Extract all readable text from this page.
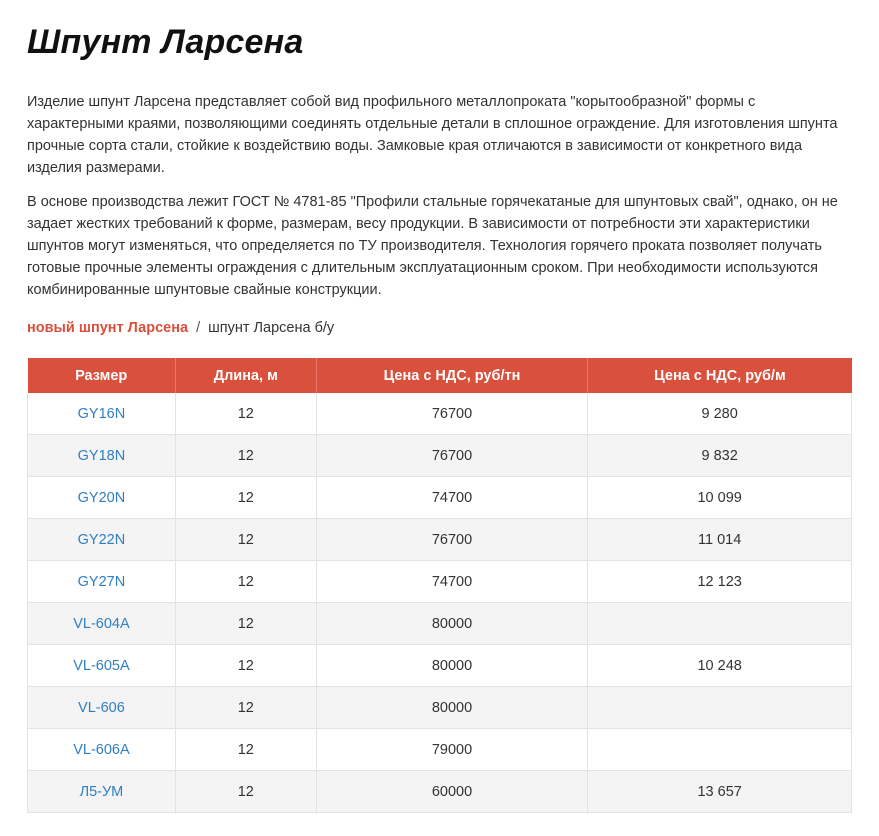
Шпунт Ларсена

Изделие шпунт Ларсена представляет собой вид профильного металлопроката "корытообразной" формы с характерными краями, позволяющими соединять отдельные детали в сплошное ограждение. Для изготовления шпунта прочные сорта стали, стойкие к воздействию воды. Замковые края отличаются в зависимости от конкретного вида изделия размерами.

В основе производства лежит ГОСТ № 4781-85 "Профили стальные горячекатаные для шпунтовых свай", однако, он не задает жестких требований к форме, размерам, весу продукции. В зависимости от потребности эти характеристики шпунтов могут изменяться, что определяется по ТУ производителя. Технология горячего проката позволяет получать готовые прочные элементы ограждения с длительным эксплуатационным сроком. При необходимости используются комбинированные шпунтовые свайные конструкции.

новый шпунт Ларсена / шпунт Ларсена б/у
Размер	Длина, м	Цена с НДС, руб/тн	Цена с НДС, руб/м
GY16N	12	76700	9 280
GY18N	12	76700	9 832
GY20N	12	74700	10 099
GY22N	12	76700	11 014
GY27N	12	74700	12 123
VL-604A	12	80000	
VL-605A	12	80000	10 248
VL-606	12	80000	
VL-606A	12	79000	
Л5-УМ	12	60000	13 657
